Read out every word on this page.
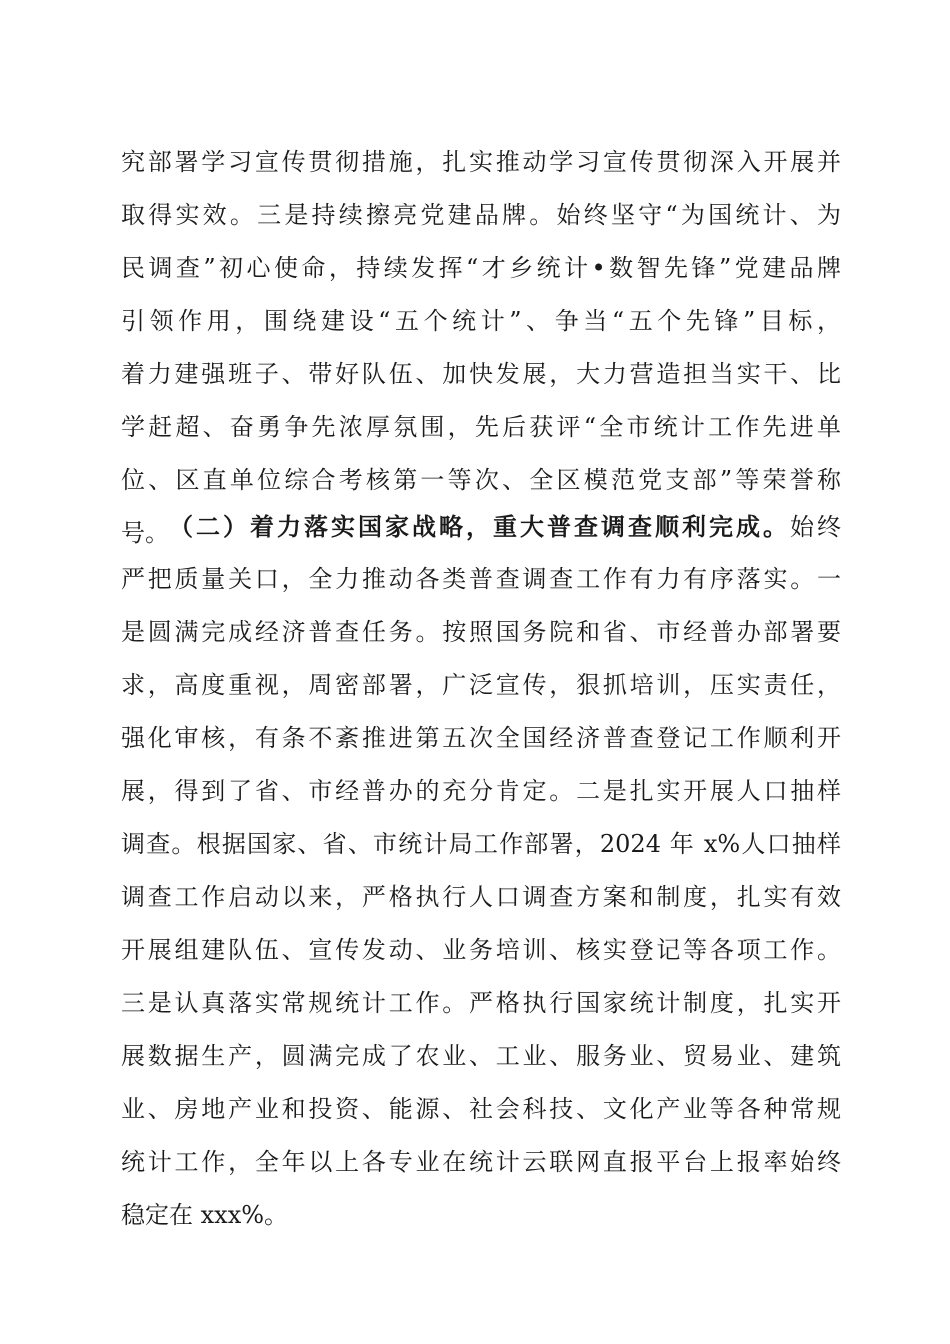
究部署学习宣传贯彻措施，扎实推动学习宣传贯彻深入开展并
取得实效。三是持续擦亮党建品牌。始终坚守“为国统计、为
民调查”初心使命，持续发挥“才乡统计•数智先锋”党建品牌
引领作用，围绕建设“五个统计”、争当“五个先锋”目标，
着力建强班子、带好队伍、加快发展，大力营造担当实干、比
学赶超、奋勇争先浓厚氛围，先后获评“全市统计工作先进单
位、区直单位综合考核第一等次、全区模范党支部”等荣誉称
号。 （二）着力落实国家战略，重大普查调查顺利完成。始终
严把质量关口，全力推动各类普查调查工作有力有序落实。一
是圆满完成经济普查任务。按照国务院和省、市经普办部署要
求，高度重视，周密部署，广泛宣传，狠抓培训，压实责任，
强化审核，有条不紊推进第五次全国经济普查登记工作顺利开
展，得到了省、市经普办的充分肯定。二是扎实开展人口抽样
调查。根据国家、省、市统计局工作部署，2024 年 x%人口抽样
调查工作启动以来，严格执行人口调查方案和制度，扎实有效
开展组建队伍、宣传发动、业务培训、核实登记等各项工作。
三是认真落实常规统计工作。严格执行国家统计制度，扎实开
展数据生产，圆满完成了农业、工业、服务业、贸易业、建筑
业、房地产业和投资、能源、社会科技、文化产业等各种常规
统计工作，全年以上各专业在统计云联网直报平台上报率始终
稳定在 xxx%。
